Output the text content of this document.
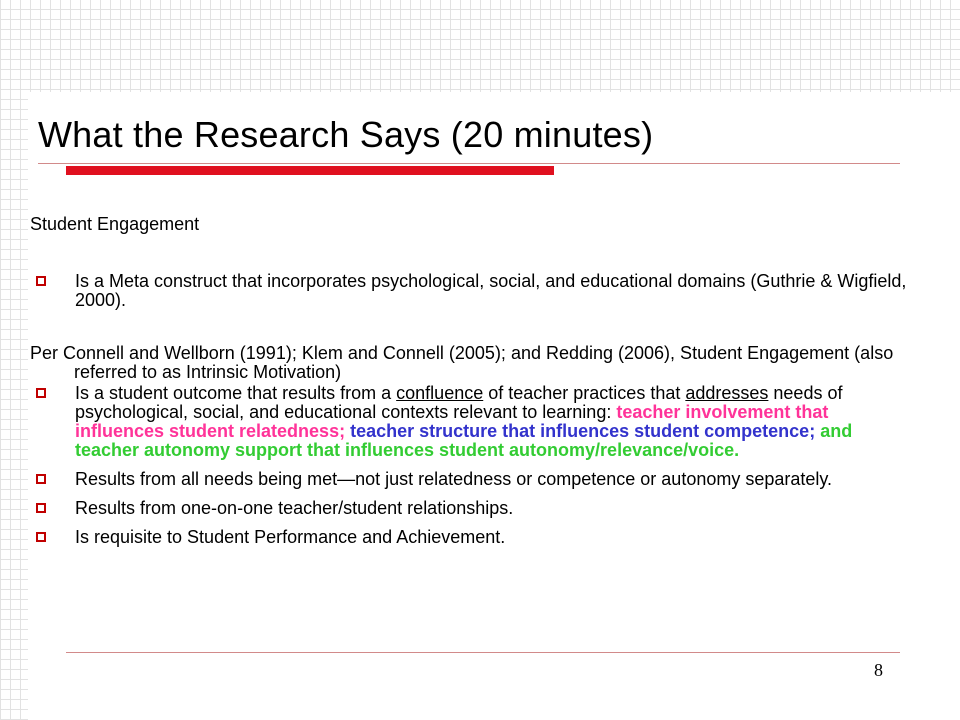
What the Research Says (20 minutes)

Student Engagement

Is a Meta construct that incorporates psychological, social, and educational domains (Guthrie & Wigfield, 2000).

Per Connell and Wellborn (1991); Klem and Connell (2005); and Redding (2006), Student Engagement (also referred to as Intrinsic Motivation)

Is a student outcome that results from a confluence of teacher practices that addresses needs of psychological, social, and educational contexts relevant to learning: teacher involvement that influences student relatedness; teacher structure that influences student competence; and teacher autonomy support that influences student autonomy/relevance/voice.

Results from all needs being met—not just relatedness or competence or autonomy separately.

Results from one-on-one teacher/student relationships.

Is requisite to Student Performance and Achievement.

8
